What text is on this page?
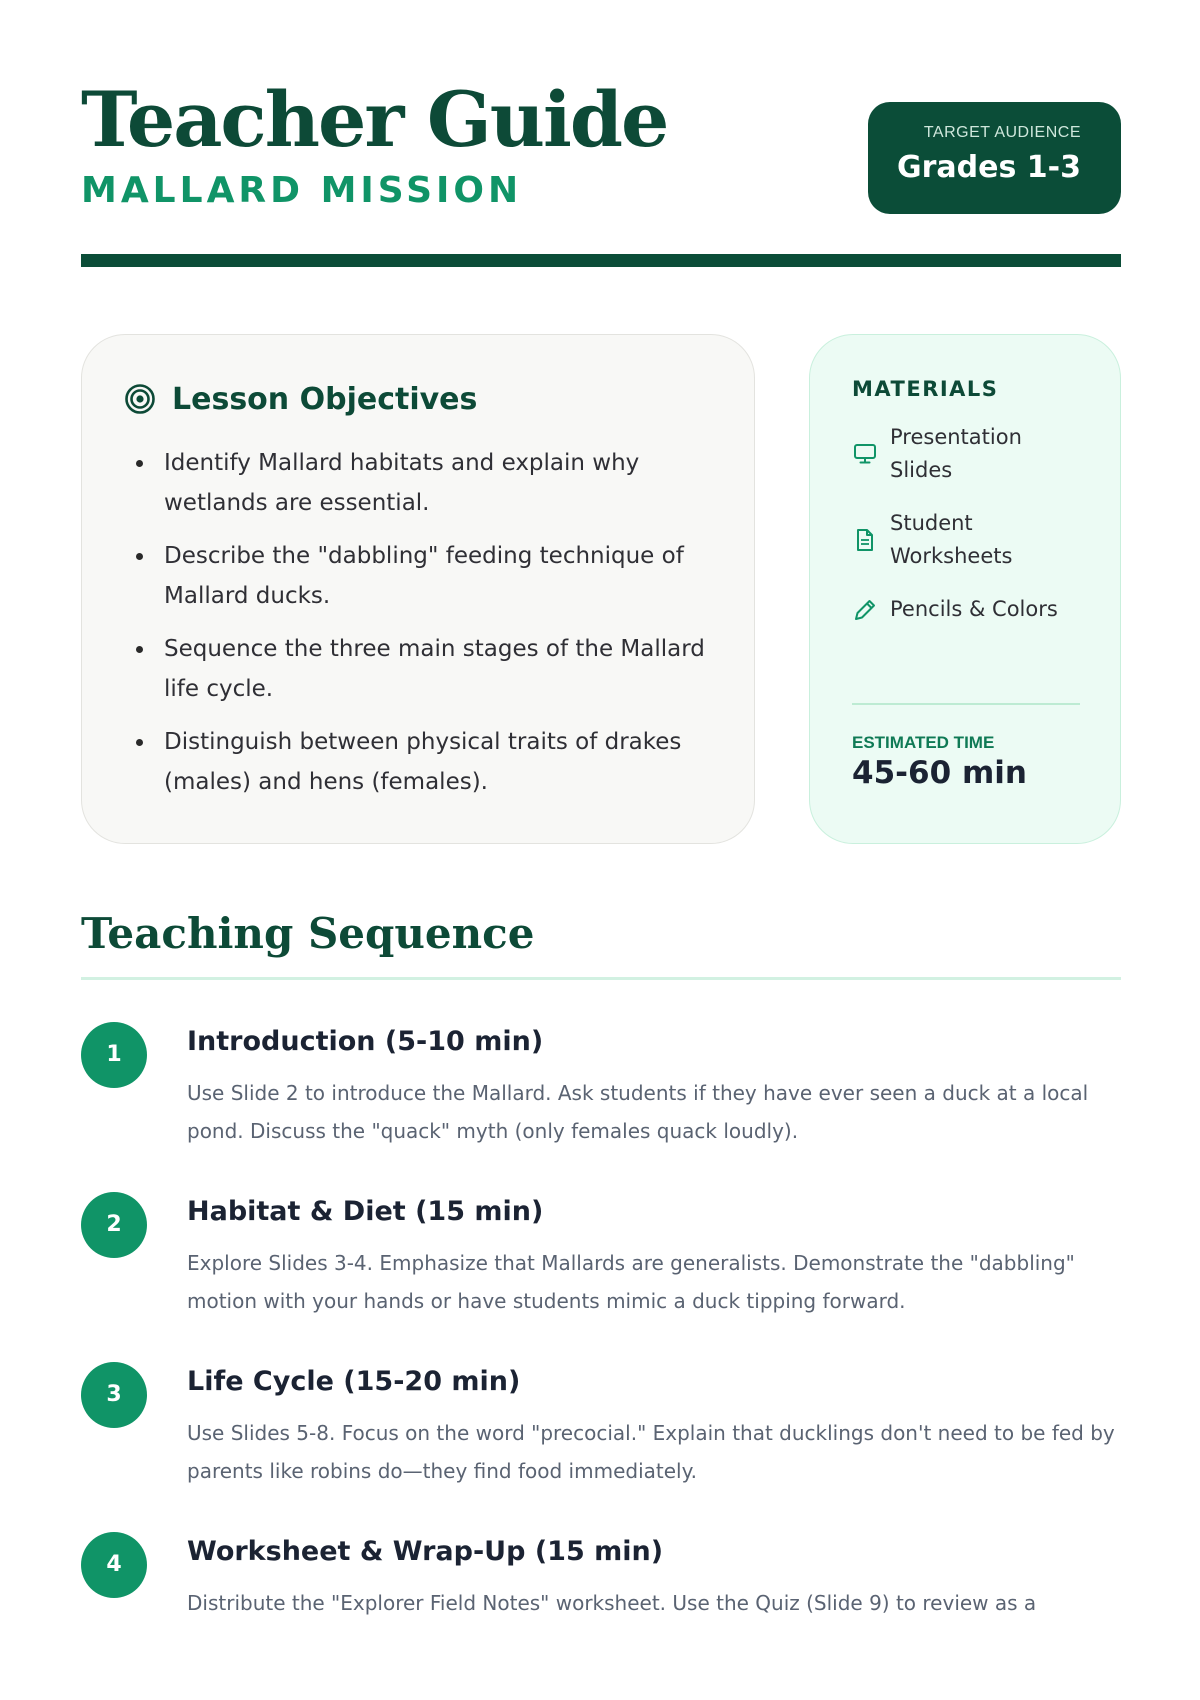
Teacher Guide
MALLARD MISSION
TARGET AUDIENCE
Grades 1-3
Lesson Objectives
Identify Mallard habitats and explain why wetlands are essential.
Describe the "dabbling" feeding technique of Mallard ducks.
Sequence the three main stages of the Mallard life cycle.
Distinguish between physical traits of drakes (males) and hens (females).
MATERIALS
Presentation Slides
Student Worksheets
Pencils & Colors
ESTIMATED TIME
45-60 min
Teaching Sequence
1	Introduction (5-10 min)
Use Slide 2 to introduce the Mallard. Ask students if they have ever seen a duck at a local pond. Discuss the "quack" myth (only females quack loudly).
2	Habitat & Diet (15 min)
Explore Slides 3-4. Emphasize that Mallards are generalists. Demonstrate the "dabbling" motion with your hands or have students mimic a duck tipping forward.
3	Life Cycle (15-20 min)
Use Slides 5-8. Focus on the word "precocial." Explain that ducklings don't need to be fed by parents like robins do—they find food immediately.
4	Worksheet & Wrap-Up (15 min)
Distribute the "Explorer Field Notes" worksheet. Use the Quiz (Slide 9) to review as a
